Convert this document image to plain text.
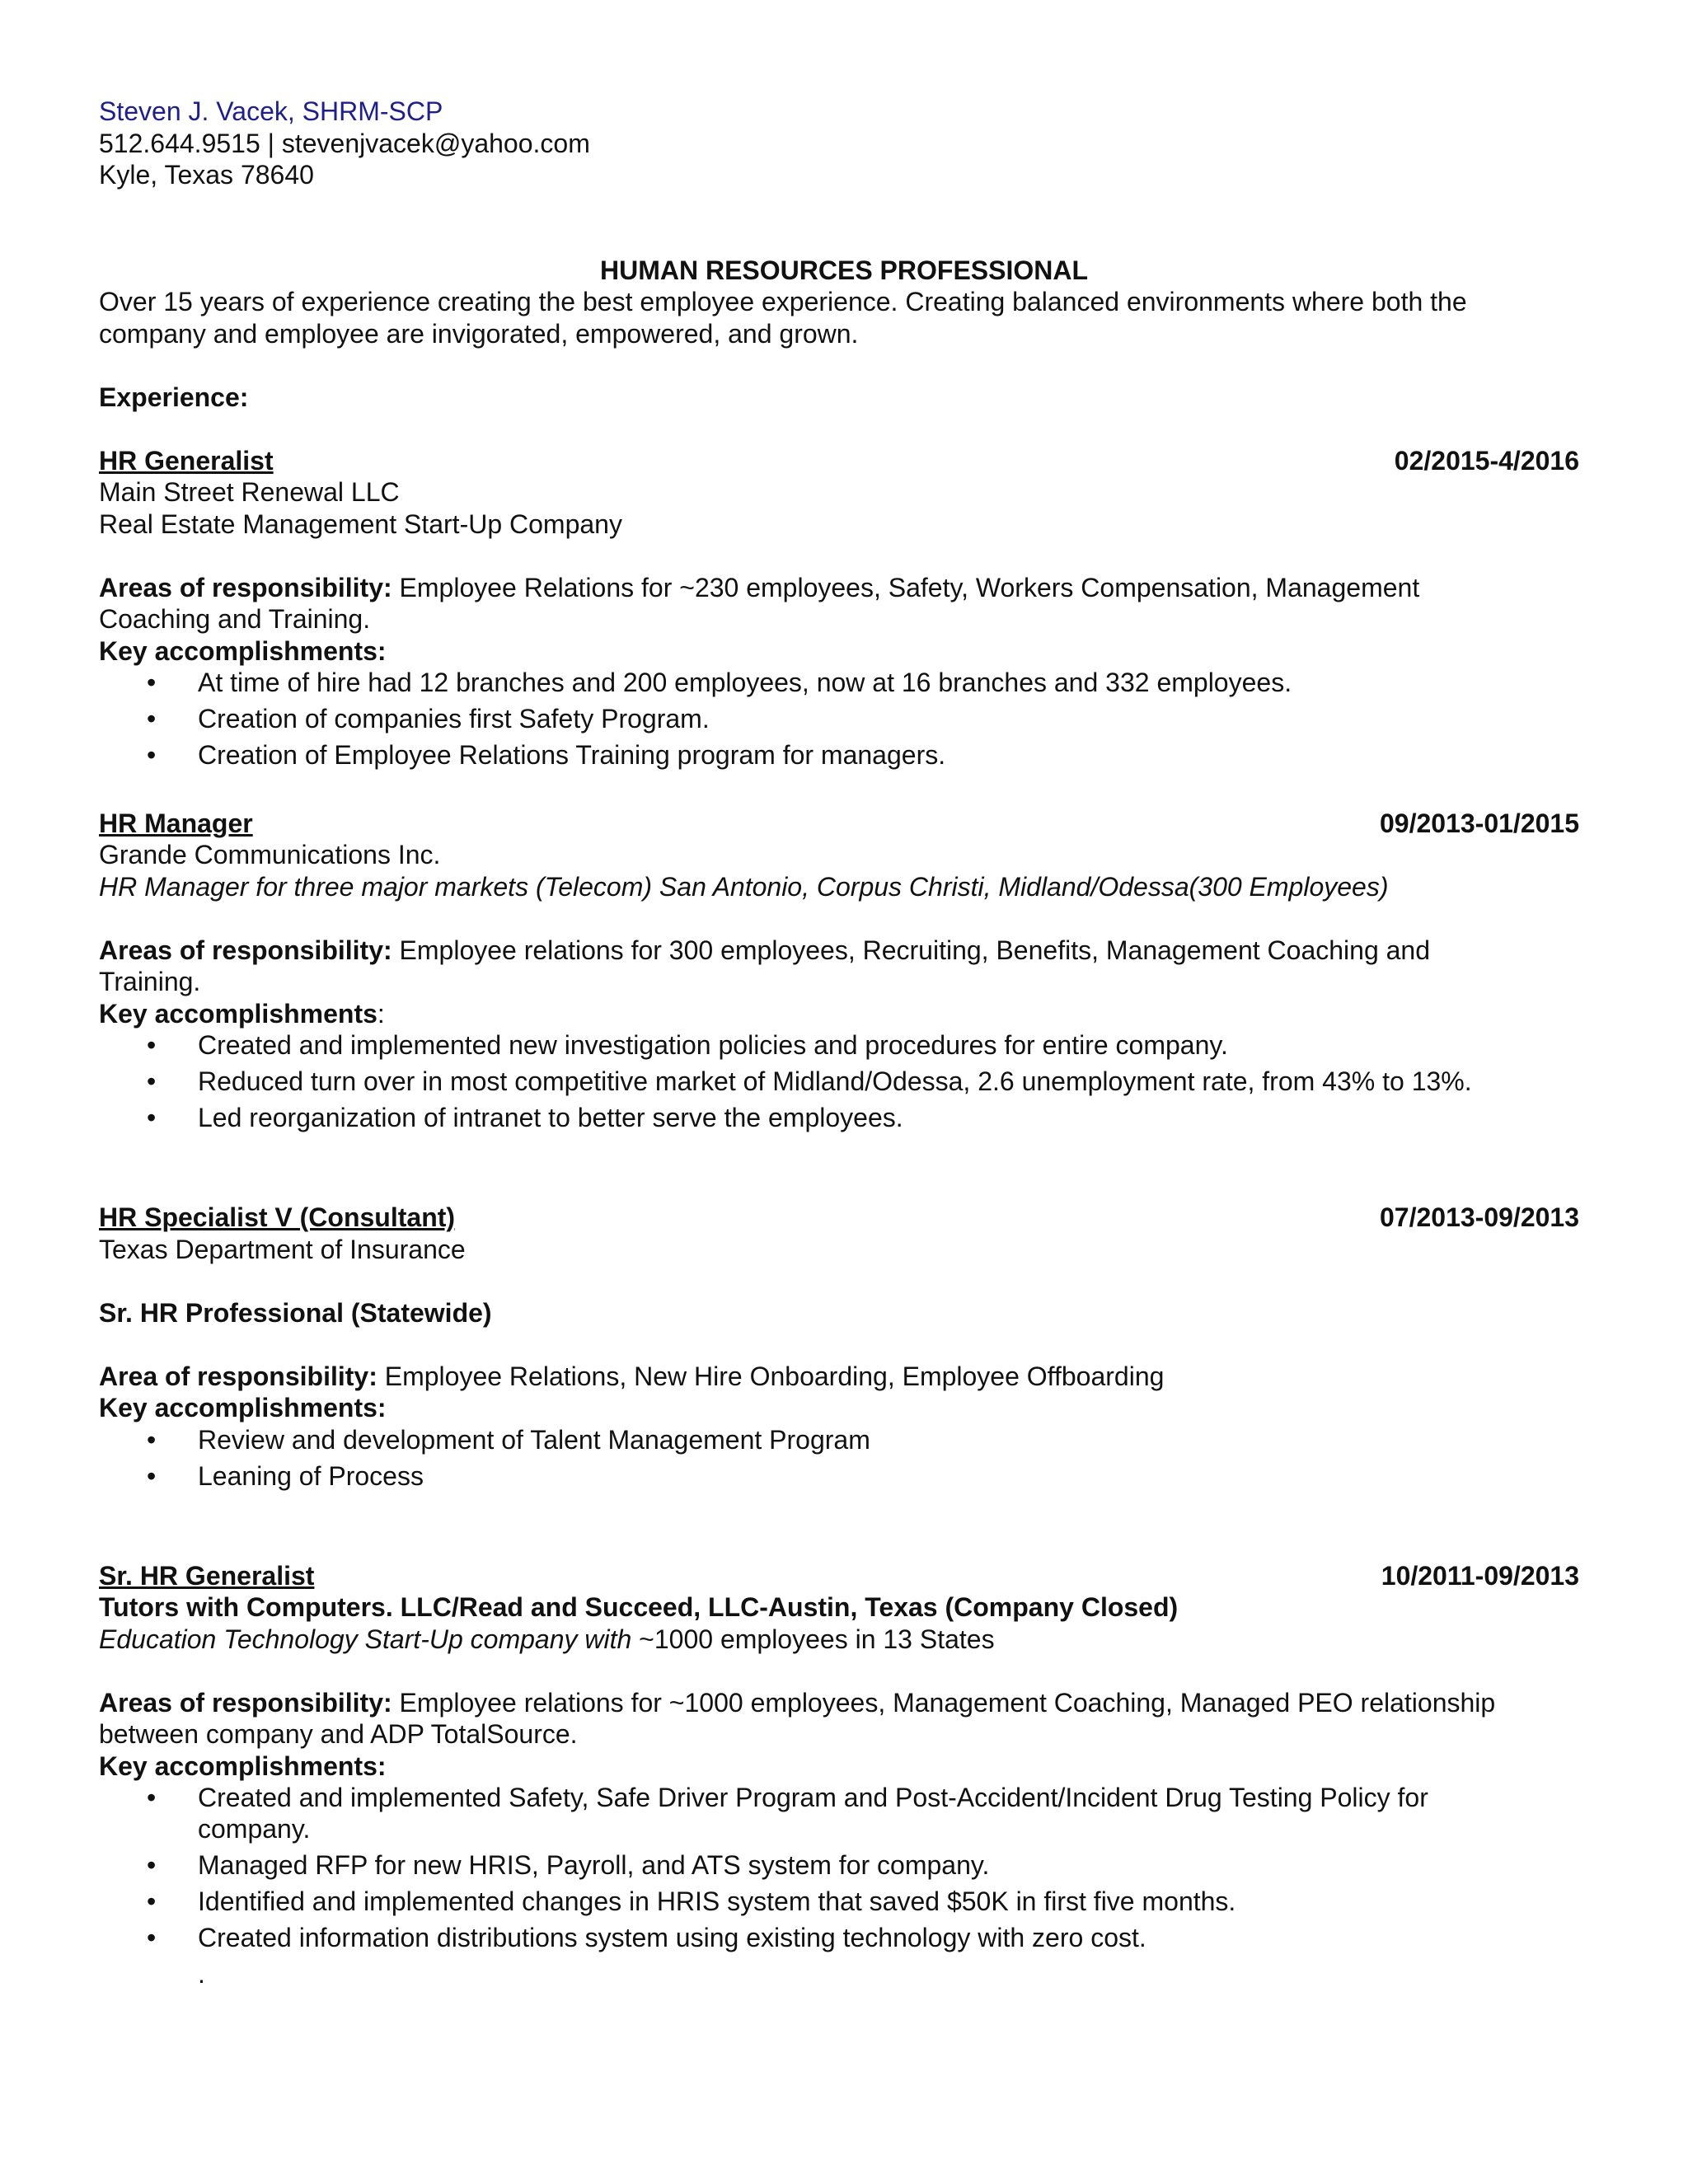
Steven J. Vacek, SHRM-SCP
512.644.9515 | stevenjvacek@yahoo.com
Kyle, Texas 78640
HUMAN RESOURCES PROFESSIONAL
Over 15 years of experience creating the best employee experience. Creating balanced environments where both the
company and employee are invigorated, empowered, and grown.
Experience:
HR Generalist	02/2015-4/2016
Main Street Renewal LLC
Real Estate Management Start-Up Company
Areas of responsibility: Employee Relations for ~230 employees, Safety, Workers Compensation, Management
Coaching and Training.
Key accomplishments:
• At time of hire had 12 branches and 200 employees, now at 16 branches and 332 employees.
• Creation of companies first Safety Program.
• Creation of Employee Relations Training program for managers.
HR Manager	09/2013-01/2015
Grande Communications Inc.
HR Manager for three major markets (Telecom) San Antonio, Corpus Christi, Midland/Odessa(300 Employees)
Areas of responsibility: Employee relations for 300 employees, Recruiting, Benefits, Management Coaching and
Training.
Key accomplishments:
• Created and implemented new investigation policies and procedures for entire company.
• Reduced turn over in most competitive market of Midland/Odessa, 2.6 unemployment rate, from 43% to 13%.
• Led reorganization of intranet to better serve the employees.
HR Specialist V (Consultant)	07/2013-09/2013
Texas Department of Insurance
Sr. HR Professional (Statewide)
Area of responsibility: Employee Relations, New Hire Onboarding, Employee Offboarding
Key accomplishments:
• Review and development of Talent Management Program
• Leaning of Process
Sr. HR Generalist	10/2011-09/2013
Tutors with Computers. LLC/Read and Succeed, LLC-Austin, Texas (Company Closed)
Education Technology Start-Up company with ~1000 employees in 13 States
Areas of responsibility: Employee relations for ~1000 employees, Management Coaching, Managed PEO relationship
between company and ADP TotalSource.
Key accomplishments:
• Created and implemented Safety, Safe Driver Program and Post-Accident/Incident Drug Testing Policy for
company.
• Managed RFP for new HRIS, Payroll, and ATS system for company.
• Identified and implemented changes in HRIS system that saved $50K in first five months.
• Created information distributions system using existing technology with zero cost.
.
